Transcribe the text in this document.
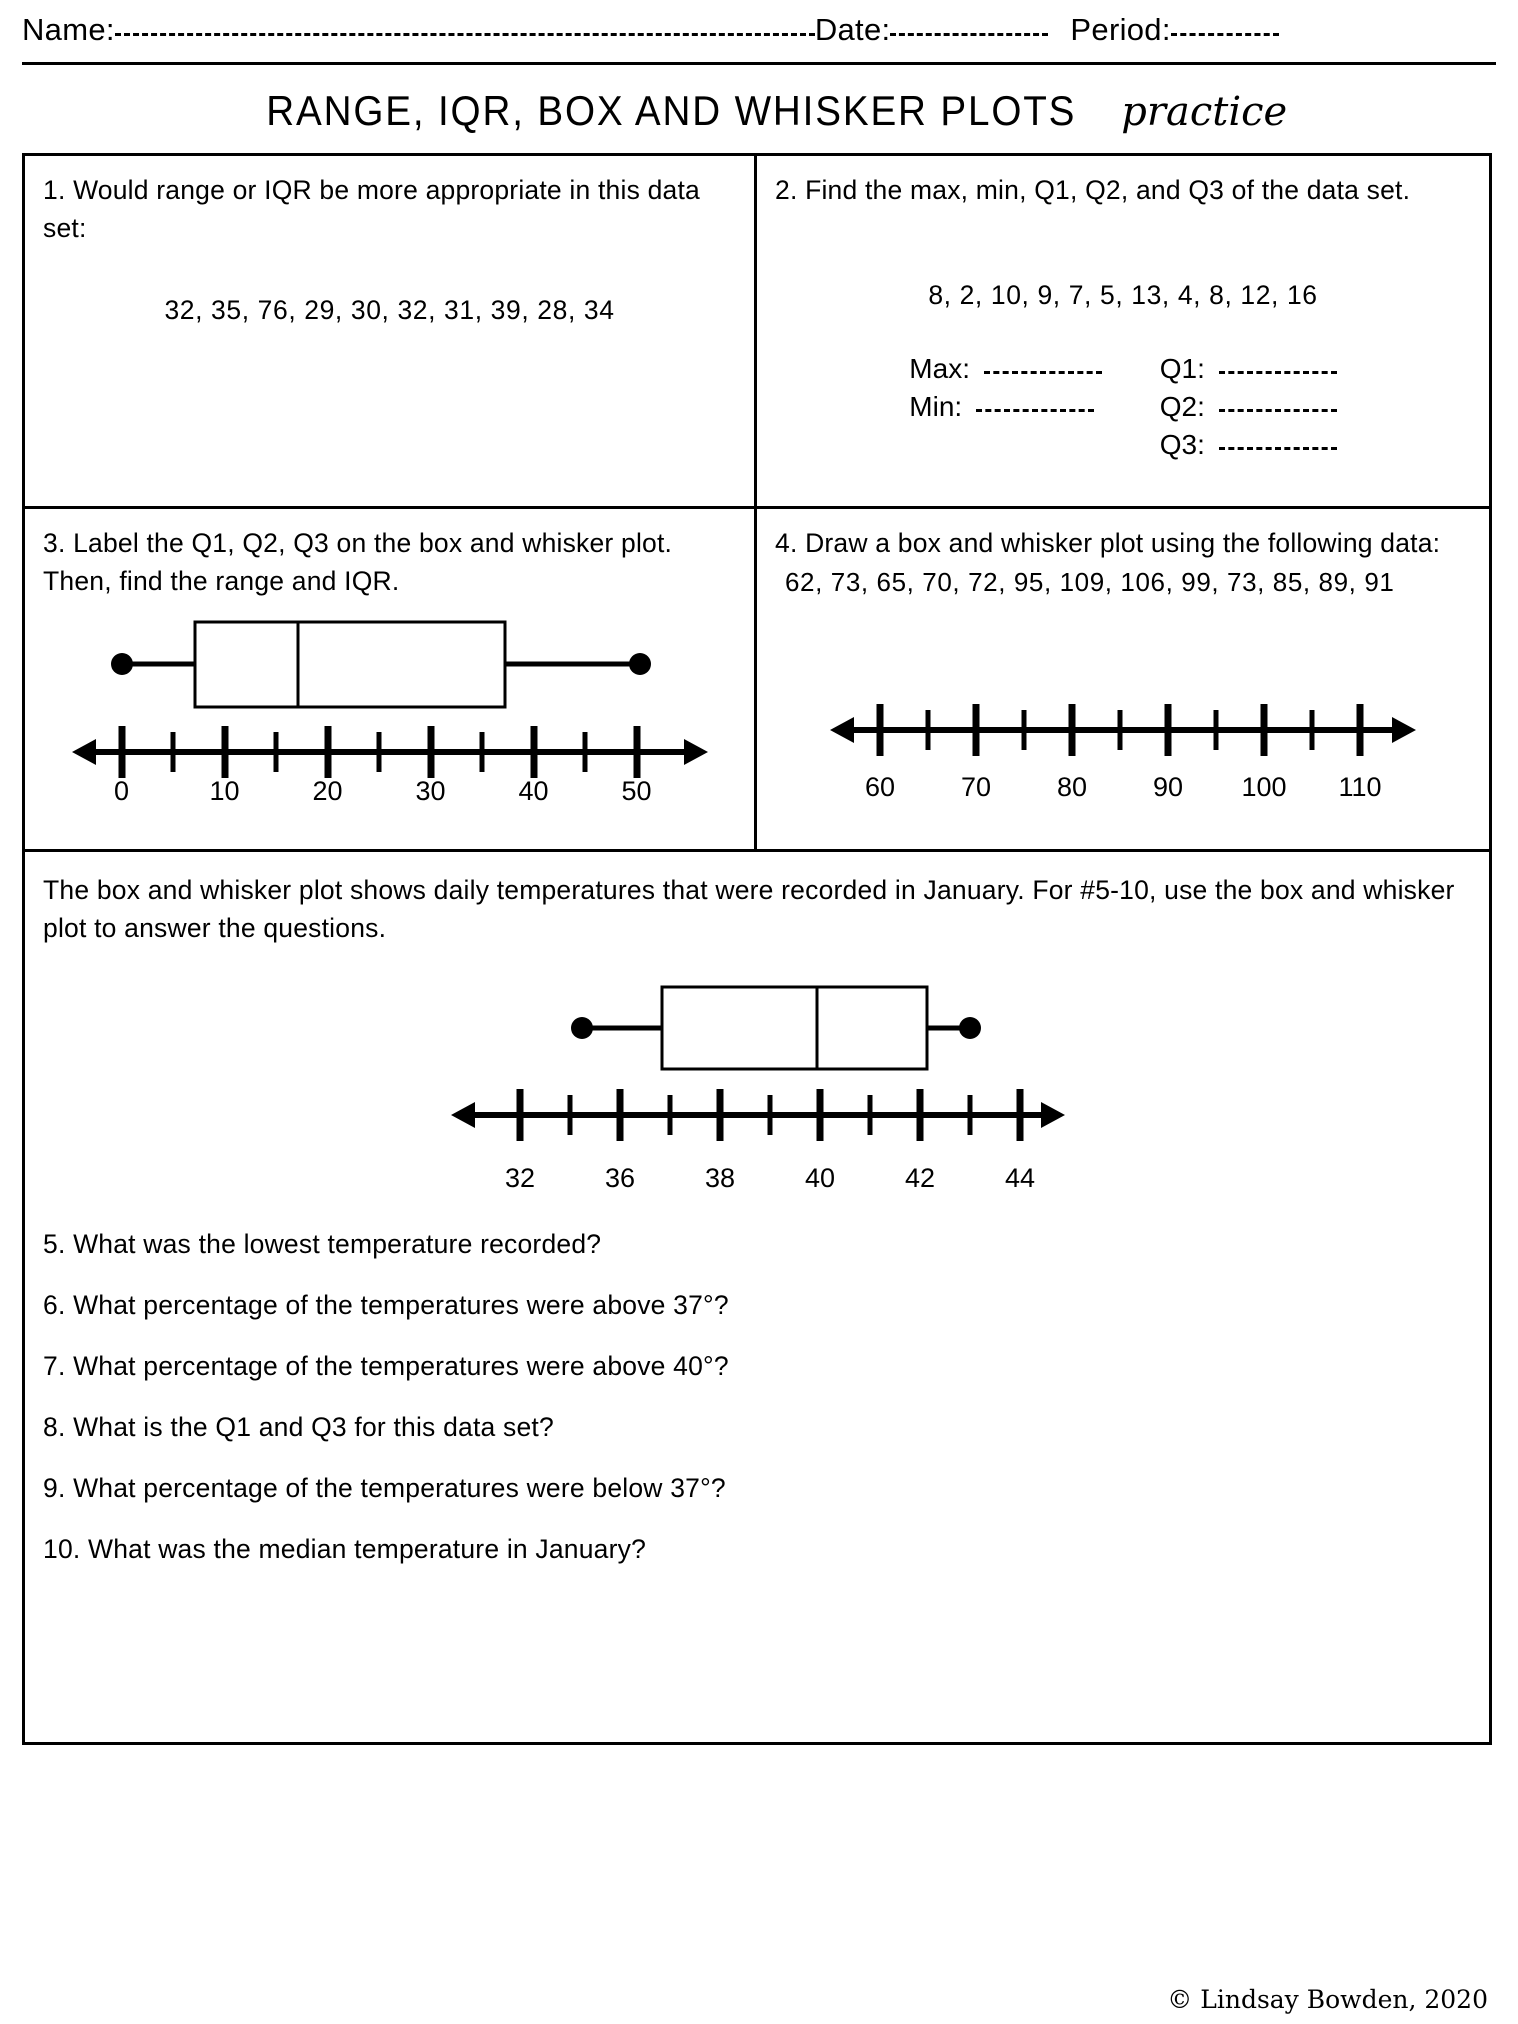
Name:	Date:	Period:
RANGE, IQR, BOX AND WHISKER PLOTS practice
1. Would range or IQR be more appropriate in this data set:
32, 35, 76, 29, 30, 32, 31, 39, 28, 34
2. Find the max, min, Q1, Q2, and Q3 of the data set.
8, 2, 10, 9, 7, 5, 13, 4, 8, 12, 16
Max:
Min:
Q1:
Q2:
Q3:
3. Label the Q1, Q2, Q3 on the box and whisker plot. Then, find the range and IQR.
0	10	20	30	40	50
4. Draw a box and whisker plot using the following data:
62, 73, 65, 70, 72, 95, 109, 106, 99, 73, 85, 89, 91
60 70 80 90 100 110
The box and whisker plot shows daily temperatures that were recorded in January. For #5-10, use the box and whisker plot to answer the questions.
32	36	38	40	42	44
5. What was the lowest temperature recorded?
6. What percentage of the temperatures were above 37°?
7. What percentage of the temperatures were above 40°?
8. What is the Q1 and Q3 for this data set?
9. What percentage of the temperatures were below 37°?
10. What was the median temperature in January?
© Lindsay Bowden, 2020
